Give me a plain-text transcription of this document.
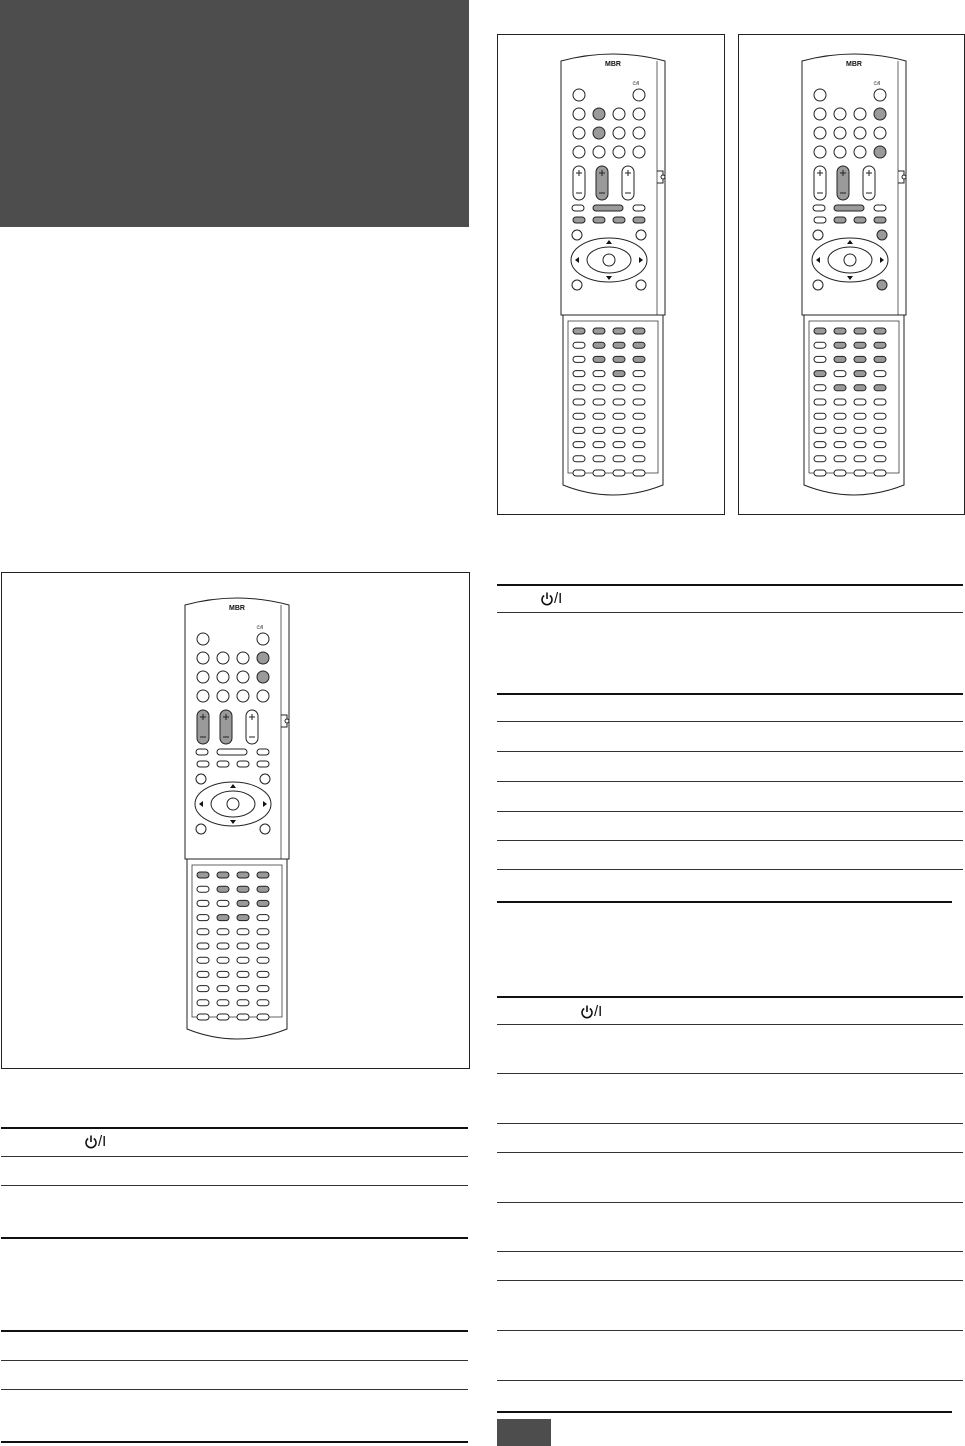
MBR
⏻/I
MBR
⏻/I
MBR
⏻/I
/I
/I
/I
